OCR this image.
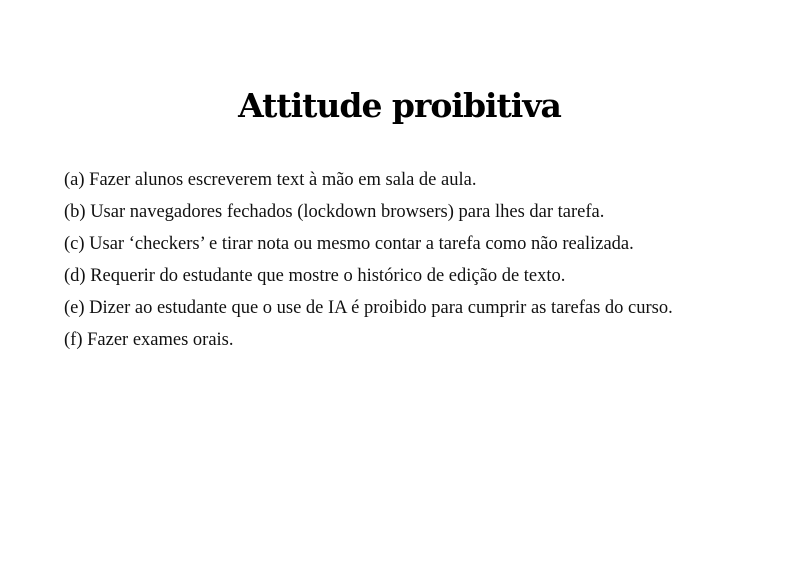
Attitude proibitiva
(a) Fazer alunos escreverem text à mão em sala de aula.
(b) Usar navegadores fechados (lockdown browsers) para lhes dar tarefa.
(c) Usar ‘checkers’ e tirar nota ou mesmo contar a tarefa como não realizada.
(d) Requerir do estudante que mostre o histórico de edição de texto.
(e) Dizer ao estudante que o use de IA é proibido para cumprir as tarefas do curso.
(f) Fazer exames orais.
